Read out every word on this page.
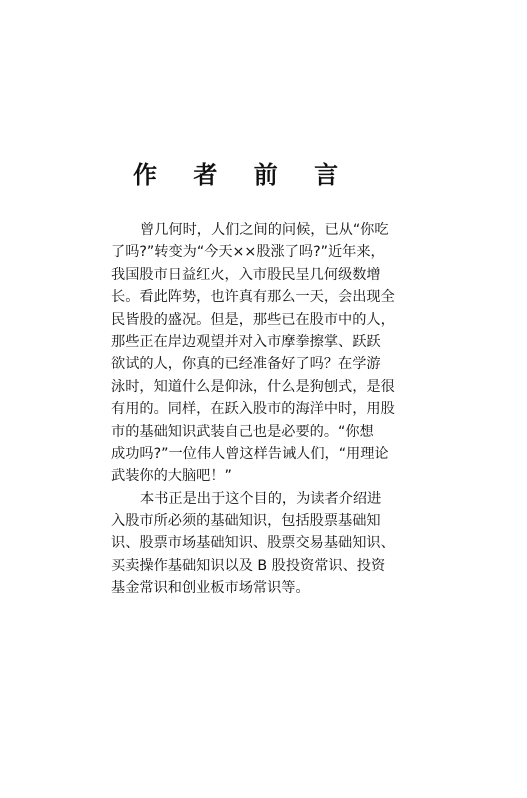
作 者 前 言
曾几何时，人们之间的问候，已从“你吃
了吗?”转变为“今天××股涨了吗?”近年来，
我国股市日益红火，入市股民呈几何级数增
长。看此阵势，也许真有那么一天，会出现全
民皆股的盛况。但是，那些已在股市中的人，
那些正在岸边观望并对入市摩拳擦掌、跃跃
欲试的人，你真的已经准备好了吗？在学游
泳时，知道什么是仰泳，什么是狗刨式，是很
有用的。同样，在跃入股市的海洋中时，用股
市的基础知识武装自己也是必要的。“你想
成功吗?”一位伟人曾这样告诫人们，“用理论
武装你的大脑吧！”
本书正是出于这个目的，为读者介绍进
入股市所必须的基础知识，包括股票基础知
识、股票市场基础知识、股票交易基础知识、
买卖操作基础知识以及 B 股投资常识、投资
基金常识和创业板市场常识等。
